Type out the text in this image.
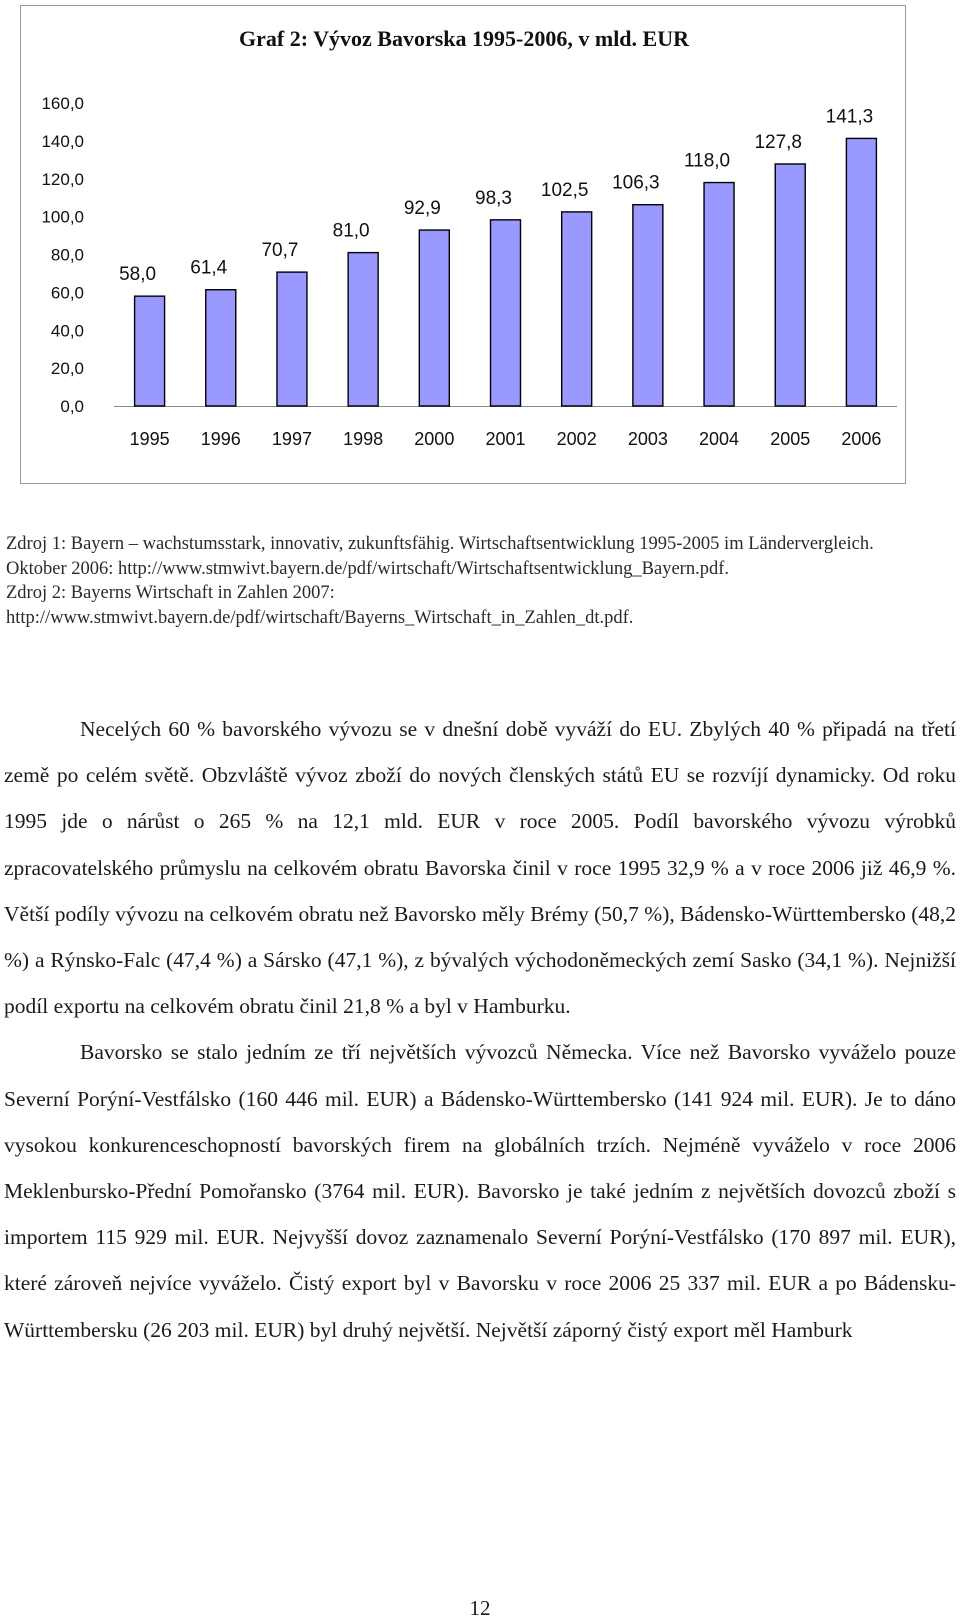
Graf 2: Vývoz Bavorska 1995-2006, v mld. EUR
0,0
20,0
40,0
60,0
80,0
100,0
120,0
140,0
160,0
58,0
1995
61,4
1996
70,7
1997
81,0
1998
92,9
2000
98,3
2001
102,5
2002
106,3
2003
118,0
2004
127,8
2005
141,3
2006

Zdroj 1: Bayern – wachstumsstark, innovativ, zukunftsfähig. Wirtschaftsentwicklung 1995-2005 im Ländervergleich. Oktober 2006: http://www.stmwivt.bayern.de/pdf/wirtschaft/Wirtschaftsentwicklung_Bayern.pdf.

Zdroj 2: Bayerns Wirtschaft in Zahlen 2007: http://www.stmwivt.bayern.de/pdf/wirtschaft/Bayerns_Wirtschaft_in_Zahlen_dt.pdf.

Necelých 60 % bavorského vývozu se v dnešní době vyváží do EU. Zbylých 40 % připadá na třetí země po celém světě. Obzvláště vývoz zboží do nových členských států EU se rozvíjí dynamicky. Od roku 1995 jde o nárůst o 265 % na 12,1 mld. EUR v roce 2005. Podíl bavorského vývozu výrobků zpracovatelského průmyslu na celkovém obratu Bavorska činil v roce 1995 32,9 % a v roce 2006 již 46,9 %. Větší podíly vývozu na celkovém obratu než Bavorsko měly Brémy (50,7 %), Bádensko-Württembersko (48,2 %) a Rýnsko-Falc (47,4 %) a Sársko (47,1 %), z bývalých východoněmeckých zemí Sasko (34,1 %). Nejnižší podíl exportu na celkovém obratu činil 21,8 % a byl v Hamburku.

Bavorsko se stalo jedním ze tří největších vývozců Německa. Více než Bavorsko vyváželo pouze Severní Porýní-Vestfálsko (160 446 mil. EUR) a Bádensko-Württembersko (141 924 mil. EUR). Je to dáno vysokou konkurenceschopností bavorských firem na globálních trzích. Nejméně vyváželo v roce 2006 Meklenbursko-Přední Pomořansko (3764 mil. EUR). Bavorsko je také jedním z největších dovozců zboží s importem 115 929 mil. EUR. Nejvyšší dovoz zaznamenalo Severní Porýní-Vestfálsko (170 897 mil. EUR), které zároveň nejvíce vyváželo. Čistý export byl v Bavorsku v roce 2006 25 337 mil. EUR a po Bádensku-Württembersku (26 203 mil. EUR) byl druhý největší. Největší záporný čistý export měl Hamburk

12
